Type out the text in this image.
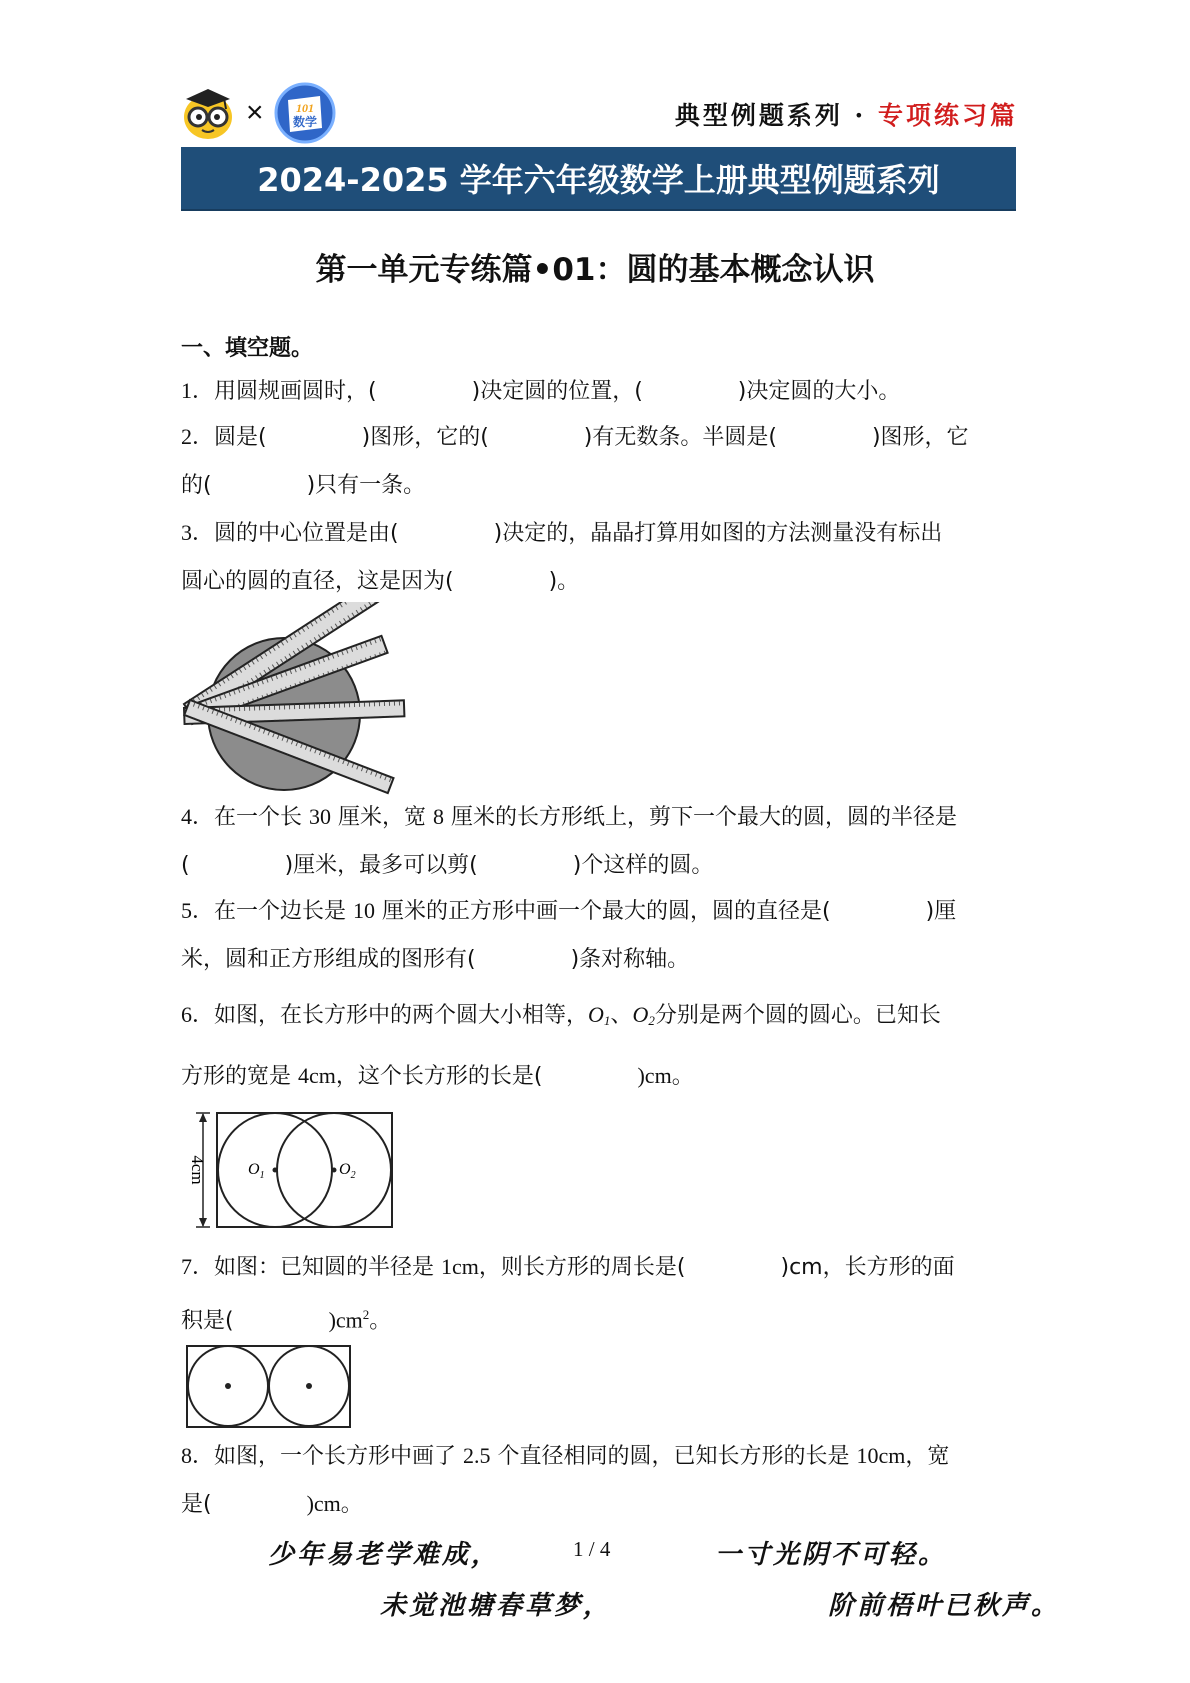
×	101
数学	典型例题系列 · 专项练习篇
2024-2025 学年六年级数学上册典型例题系列
第一单元专练篇•01：圆的基本概念认识
一、填空题。
1．用圆规画圆时，(	)决定圆的位置，(	)决定圆的大小。
2．圆是(	)图形，它的(	)有无数条。半圆是(	)图形，它
的(	)只有一条。
3．圆的中心位置是由(	)决定的，晶晶打算用如图的方法测量没有标出
圆心的圆的直径，这是因为(	)。
4．在一个长 30 厘米，宽 8 厘米的长方形纸上，剪下一个最大的圆，圆的半径是
(	)厘米，最多可以剪(	)个这样的圆。
5．在一个边长是 10 厘米的正方形中画一个最大的圆，圆的直径是(	)厘
米，圆和正方形组成的图形有(	)条对称轴。
6．如图，在长方形中的两个圆大小相等，$O_1$、$O_2$分别是两个圆的圆心。已知长
方形的宽是 4cm，这个长方形的长是(	)cm。
4cm	$O_1$	$O_2$
7．如图：已知圆的半径是 1cm，则长方形的周长是(	)cm，长方形的面
积是(	)$cm^2$。
8．如图，一个长方形中画了 2.5 个直径相同的圆，已知长方形的长是 10cm，宽
是(	)cm。
少年易老学难成，	1 / 4	一寸光阴不可轻。
未觉池塘春草梦，	阶前梧叶已秋声。
